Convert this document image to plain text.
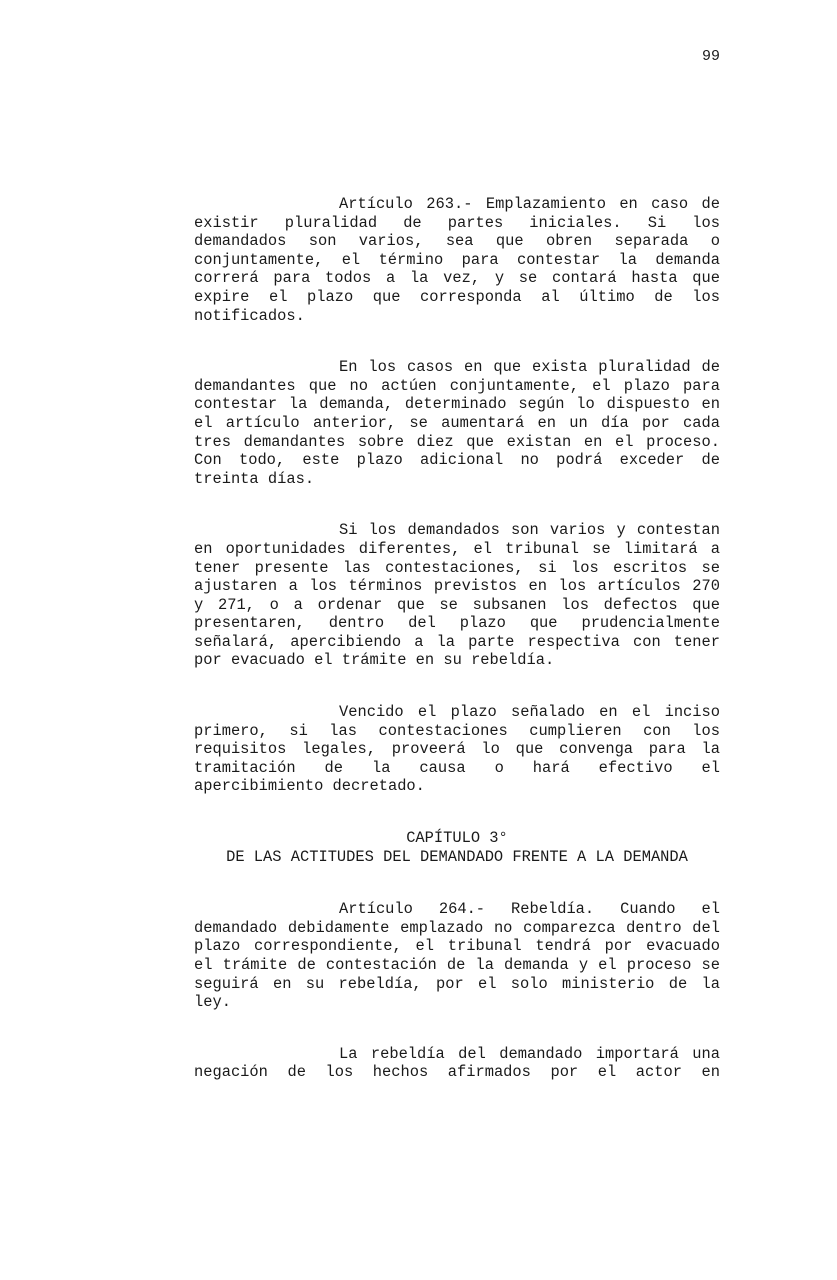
99

Artículo 263.- Emplazamiento en caso de existir pluralidad de partes iniciales. Si los demandados son varios, sea que obren separada o conjuntamente, el término para contestar la demanda correrá para todos a la vez, y se contará hasta que expire el plazo que corresponda al último de los notificados.

En los casos en que exista pluralidad de demandantes que no actúen conjuntamente, el plazo para contestar la demanda, determinado según lo dispuesto en el artículo anterior, se aumentará en un día por cada tres demandantes sobre diez que existan en el proceso. Con todo, este plazo adicional no podrá exceder de treinta días.

Si los demandados son varios y contestan en oportunidades diferentes, el tribunal se limitará a tener presente las contestaciones, si los escritos se ajustaren a los términos previstos en los artículos 270 y 271, o a ordenar que se subsanen los defectos que presentaren, dentro del plazo que prudencialmente señalará, apercibiendo a la parte respectiva con tener por evacuado el trámite en su rebeldía.

Vencido el plazo señalado en el inciso primero, si las contestaciones cumplieren con los requisitos legales, proveerá lo que convenga para la tramitación de la causa o hará efectivo el apercibimiento decretado.

CAPÍTULO 3°
DE LAS ACTITUDES DEL DEMANDADO FRENTE A LA DEMANDA

Artículo 264.- Rebeldía. Cuando el demandado debidamente emplazado no comparezca dentro del plazo correspondiente, el tribunal tendrá por evacuado el trámite de contestación de la demanda y el proceso se seguirá en su rebeldía, por el solo ministerio de la ley.

La rebeldía del demandado importará una negación de los hechos afirmados por el actor en
